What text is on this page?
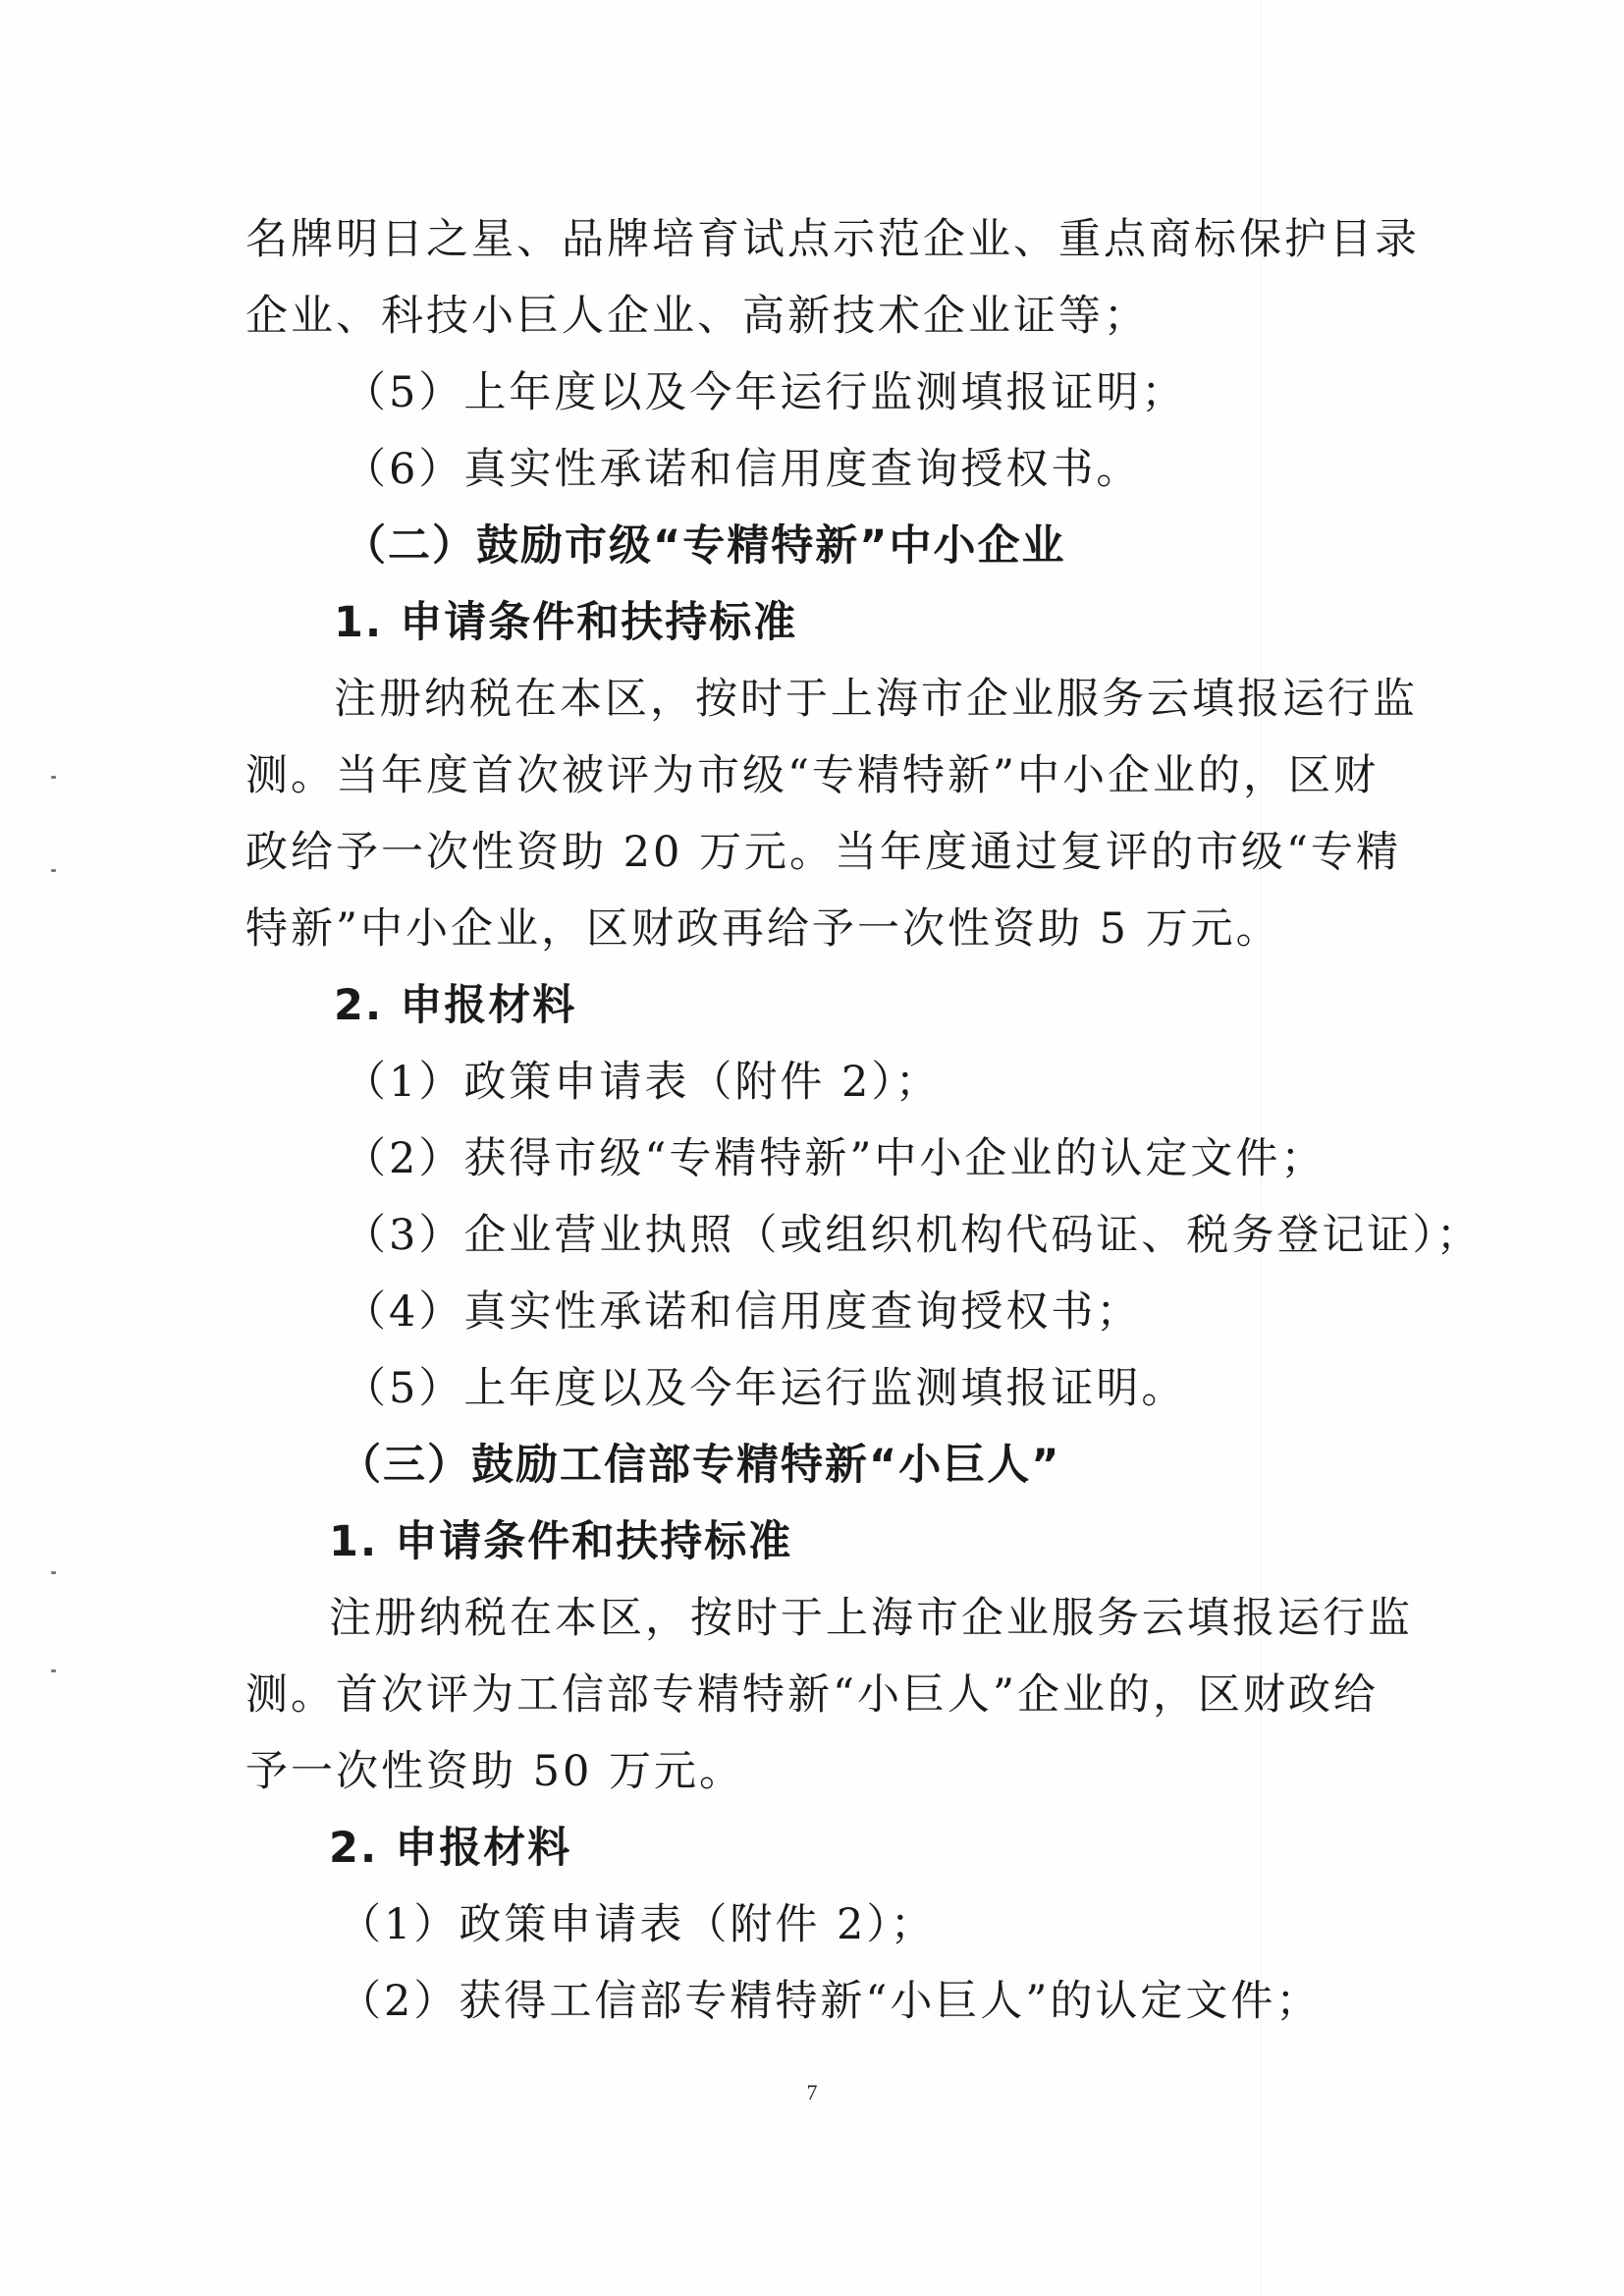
名牌明日之星、品牌培育试点示范企业、重点商标保护目录
企业、科技小巨人企业、高新技术企业证等；
（5）上年度以及今年运行监测填报证明；
（6）真实性承诺和信用度查询授权书。
（二）鼓励市级“专精特新”中小企业
1. 申请条件和扶持标准
注册纳税在本区，按时于上海市企业服务云填报运行监
测。当年度首次被评为市级“专精特新”中小企业的，区财
政给予一次性资助 20 万元。当年度通过复评的市级“专精
特新”中小企业，区财政再给予一次性资助 5 万元。
2. 申报材料
（1）政策申请表（附件 2）；
（2）获得市级“专精特新”中小企业的认定文件；
（3）企业营业执照（或组织机构代码证、税务登记证）；
（4）真实性承诺和信用度查询授权书；
（5）上年度以及今年运行监测填报证明。
（三）鼓励工信部专精特新“小巨人”
1. 申请条件和扶持标准
注册纳税在本区，按时于上海市企业服务云填报运行监
测。首次评为工信部专精特新“小巨人”企业的，区财政给
予一次性资助 50 万元。
2. 申报材料
（1）政策申请表（附件 2）；
（2）获得工信部专精特新“小巨人”的认定文件；
7
